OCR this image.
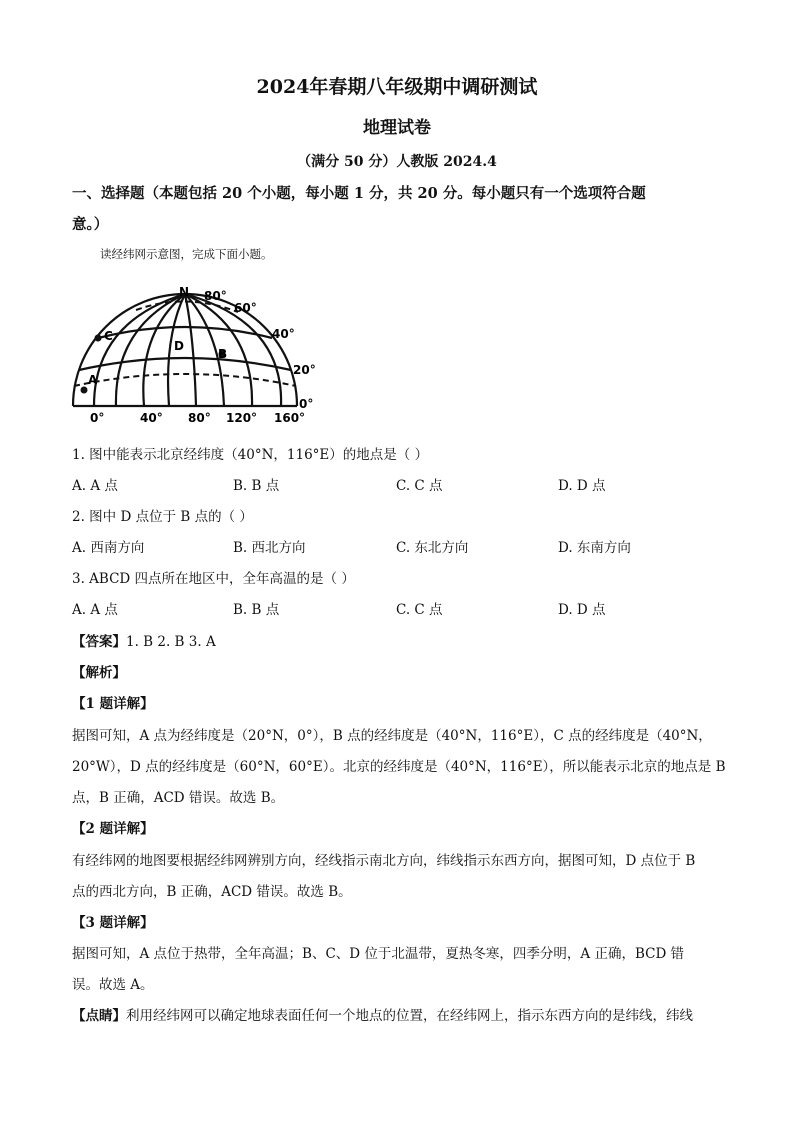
2024年春期八年级期中调研测试
地理试卷
（满分 50 分）人教版 2024.4
一、选择题（本题包括 20 个小题，每小题 1 分，共 20 分。每小题只有一个选项符合题
意。）
读经纬网示意图，完成下面小题。
N 80°
60°
40°
20°
0°
0°	40° 80° 120° 160°
A
B
C
D
1. 图中能表示北京经纬度（40°N，116°E）的地点是（ ）
A. A 点	B. B 点	C. C 点	D. D 点
2. 图中 D 点位于 B 点的（ ）
A. 西南方向	B. 西北方向	C. 东北方向	D. 东南方向
3. ABCD 四点所在地区中，全年高温的是（ ）
A. A 点	B. B 点	C. C 点	D. D 点
【答案】1. B 2. B 3. A
【解析】
【1 题详解】
据图可知，A 点为经纬度是（20°N，0°），B 点的经纬度是（40°N，116°E），C 点的经纬度是（40°N，
20°W），D 点的经纬度是（60°N，60°E）。北京的经纬度是（40°N，116°E），所以能表示北京的地点是 B
点，B 正确，ACD 错误。故选 B。
【2 题详解】
有经纬网的地图要根据经纬网辨别方向，经线指示南北方向，纬线指示东西方向，据图可知，D 点位于 B
点的西北方向，B 正确，ACD 错误。故选 B。
【3 题详解】
据图可知，A 点位于热带，全年高温；B、C、D 位于北温带，夏热冬寒，四季分明，A 正确，BCD 错
误。故选 A。
【点睛】利用经纬网可以确定地球表面任何一个地点的位置，在经纬网上，指示东西方向的是纬线，纬线
